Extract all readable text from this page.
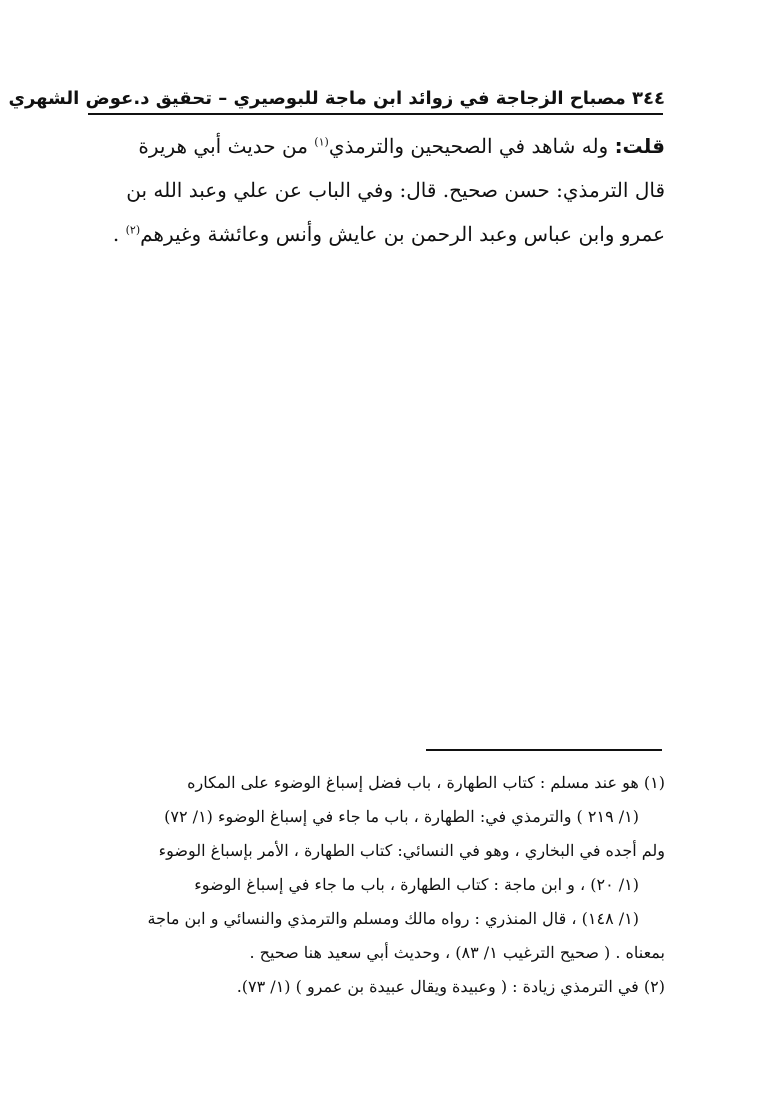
٣٤٤ مصباح الزجاجة في زوائد ابن ماجة للبوصيري – تحقيق د.عوض الشهري
قلت: وله شاهد في الصحيحين والترمذي$^{(١)}$ من حديث أبي هريرة
قال الترمذي: حسن صحيح. قال: وفي الباب عن علي وعبد الله بن
عمرو وابن عباس وعبد الرحمن بن عايش وأنس وعائشة وغيرهم$^{(٢)}$ .
(١) هو عند مسلم : كتاب الطهارة ، باب فضل إسباغ الوضوء على المكاره
(١/ ٢١٩ ) والترمذي في: الطهارة ، باب ما جاء في إسباغ الوضوء (١/ ٧٢)
ولم أجده في البخاري ، وهو في النسائي: كتاب الطهارة ، الأمر بإسباغ الوضوء
(١/ ٢٠) ، و ابن ماجة : كتاب الطهارة ، باب ما جاء في إسباغ الوضوء
(١/ ١٤٨) ، قال المنذري : رواه مالك ومسلم والترمذي والنسائي و ابن ماجة
بمعناه . ( صحيح الترغيب ١/ ٨٣) ، وحديث أبي سعيد هنا صحيح .
(٢) في الترمذي زيادة : ( وعبيدة ويقال عبيدة بن عمرو ) (١/ ٧٣).
